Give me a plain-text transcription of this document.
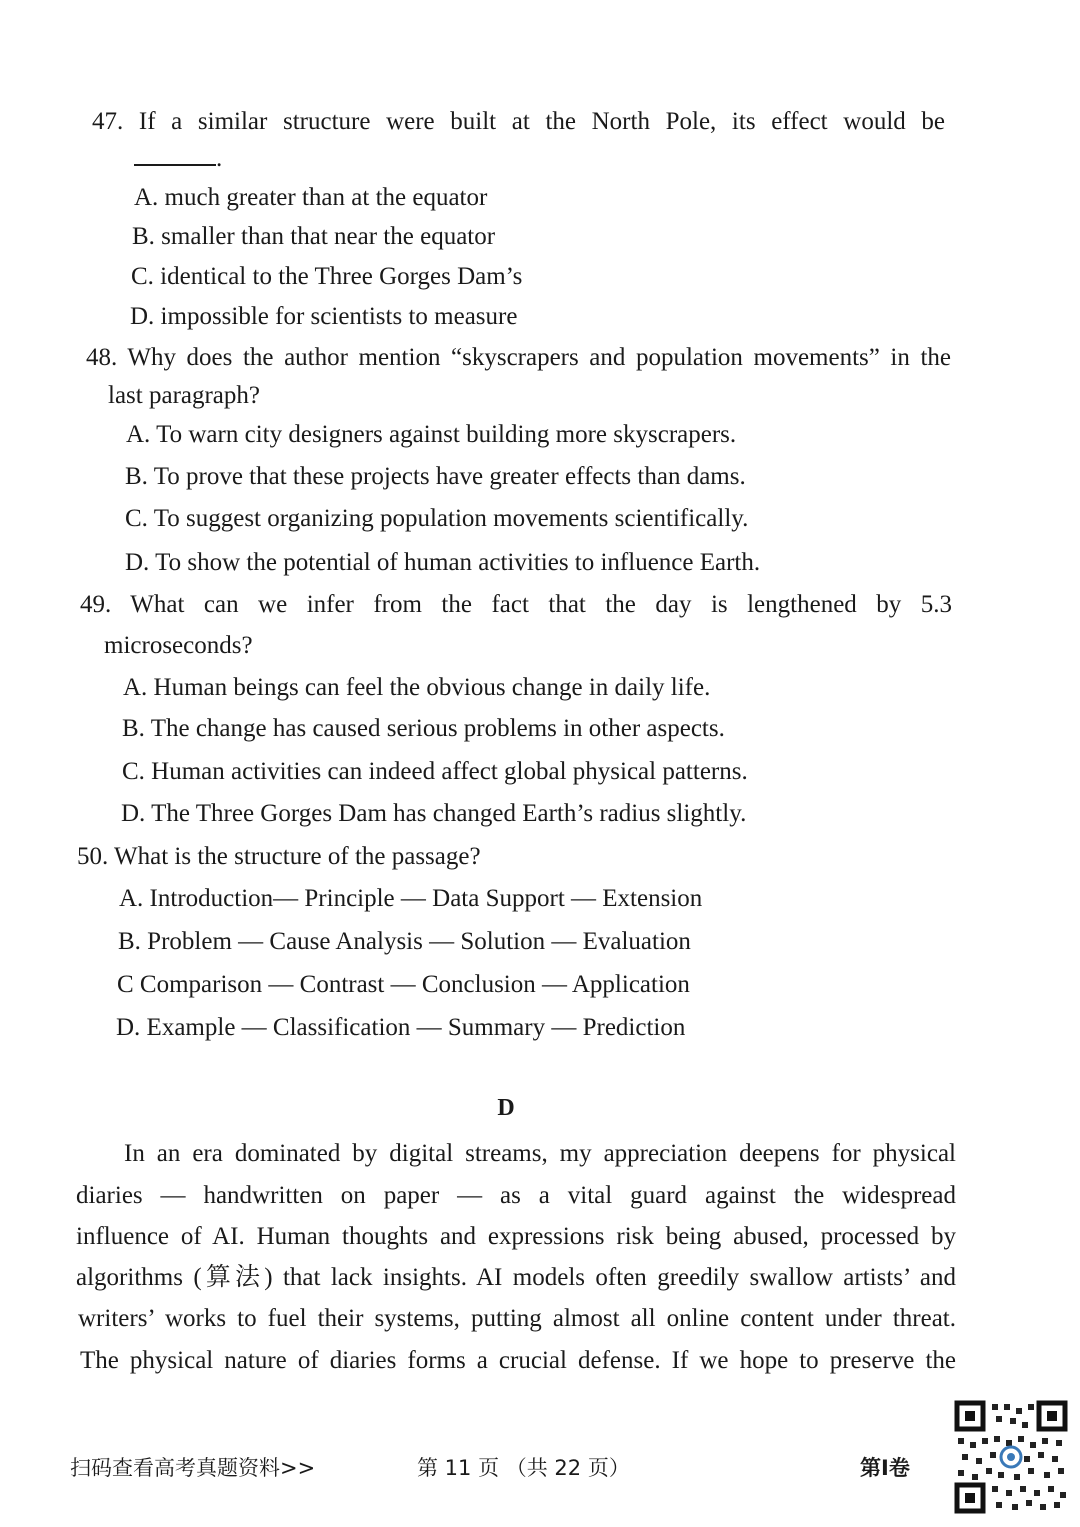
47. If a similar structure were built at the North Pole, its effect would be
.
A. much greater than at the equator
B. smaller than that near the equator
C. identical to the Three Gorges Dam’s
D. impossible for scientists to measure
48. Why does the author mention “skyscrapers and population movements” in the
last paragraph?
A. To warn city designers against building more skyscrapers.
B. To prove that these projects have greater effects than dams.
C. To suggest organizing population movements scientifically.
D. To show the potential of human activities to influence Earth.
49. What can we infer from the fact that the day is lengthened by 5.3
microseconds?
A. Human beings can feel the obvious change in daily life.
B. The change has caused serious problems in other aspects.
C. Human activities can indeed affect global physical patterns.
D. The Three Gorges Dam has changed Earth’s radius slightly.
50. What is the structure of the passage?
A. Introduction— Principle — Data Support — Extension
B. Problem — Cause Analysis — Solution — Evaluation
C Comparison — Contrast — Conclusion — Application
D. Example — Classification — Summary — Prediction
D
In an era dominated by digital streams, my appreciation deepens for physical
diaries — handwritten on paper — as a vital guard against the widespread
influence of AI. Human thoughts and expressions risk being abused, processed by
algorithms (算法) that lack insights. AI models often greedily swallow artists’ and
writers’ works to fuel their systems, putting almost all online content under threat.
The physical nature of diaries forms a crucial defense. If we hope to preserve the
扫码查看高考真题资料>>	第 11 页 （共 22 页）	第I卷
